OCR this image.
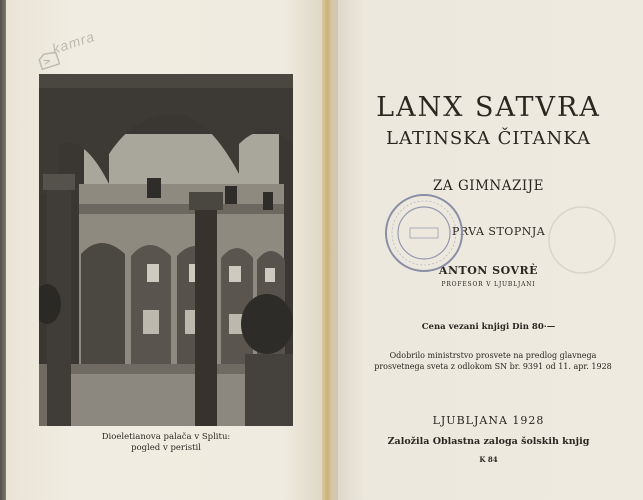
kamra
Dioeletianova palača v Splitu:
pogled v peristil
LANX SATVRA
LATINSKA ČITANKA
ZA GIMNAZIJE
PRVA STOPNJA
ANTON SOVRÈ
PROFESOR V LJUBLJANI
Cena vezani knjigi Din 80·—
Odobrilo ministrstvo prosvete na predlog glavnega
prosvetnega sveta z odlokom SN br. 9391 od 11. apr. 1928
LJUBLJANA 1928
Založila Oblastna zaloga šolskih knjig
K 84
